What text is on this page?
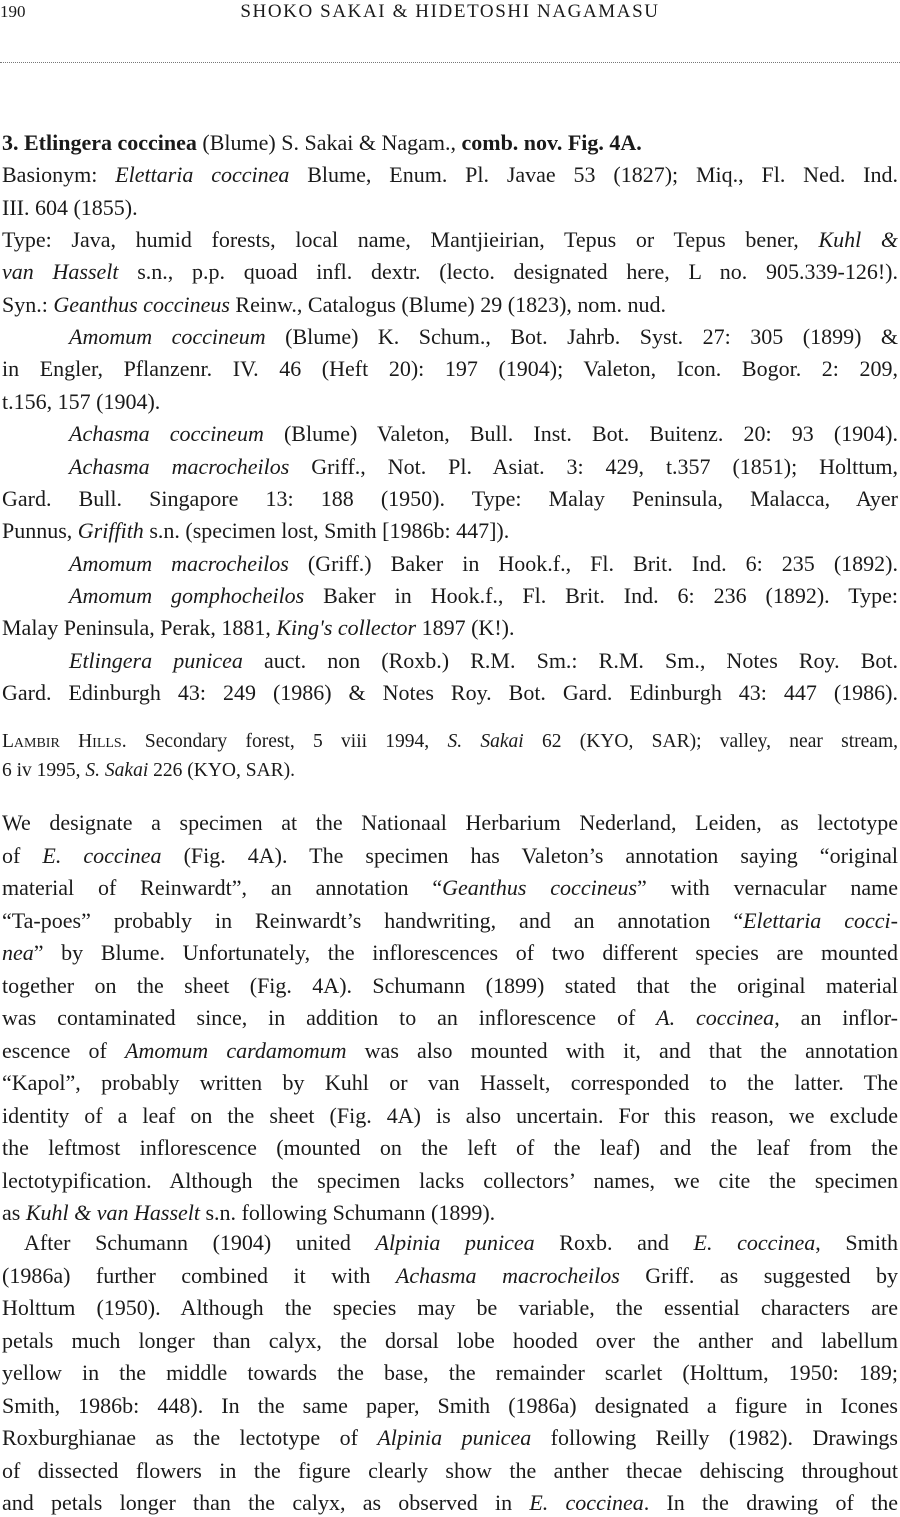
190	SHOKO SAKAI & HIDETOSHI NAGAMASU
3. Etlingera coccinea (Blume) S. Sakai & Nagam., comb. nov. Fig. 4A.
Basionym: Elettaria coccinea Blume, Enum. Pl. Javae 53 (1827); Miq., Fl. Ned. Ind.
III. 604 (1855).
Type: Java, humid forests, local name, Mantjieirian, Tepus or Tepus bener, Kuhl &
van Hasselt s.n., p.p. quoad infl. dextr. (lecto. designated here, L no. 905.339-126!).
Syn.: Geanthus coccineus Reinw., Catalogus (Blume) 29 (1823), nom. nud.
Amomum coccineum (Blume) K. Schum., Bot. Jahrb. Syst. 27: 305 (1899) &
in Engler, Pflanzenr. IV. 46 (Heft 20): 197 (1904); Valeton, Icon. Bogor. 2: 209,
t.156, 157 (1904).
Achasma coccineum (Blume) Valeton, Bull. Inst. Bot. Buitenz. 20: 93 (1904).
Achasma macrocheilos Griff., Not. Pl. Asiat. 3: 429, t.357 (1851); Holttum,
Gard. Bull. Singapore 13: 188 (1950). Type: Malay Peninsula, Malacca, Ayer
Punnus, Griffith s.n. (specimen lost, Smith [1986b: 447]).
Amomum macrocheilos (Griff.) Baker in Hook.f., Fl. Brit. Ind. 6: 235 (1892).
Amomum gomphocheilos Baker in Hook.f., Fl. Brit. Ind. 6: 236 (1892). Type:
Malay Peninsula, Perak, 1881, King's collector 1897 (K!).
Etlingera punicea auct. non (Roxb.) R.M. Sm.: R.M. Sm., Notes Roy. Bot.
Gard. Edinburgh 43: 249 (1986) & Notes Roy. Bot. Gard. Edinburgh 43: 447 (1986).
Lambir Hills. Secondary forest, 5 viii 1994, S. Sakai 62 (KYO, SAR); valley, near stream,
6 iv 1995, S. Sakai 226 (KYO, SAR).
We designate a specimen at the Nationaal Herbarium Nederland, Leiden, as lectotype
of E. coccinea (Fig. 4A). The specimen has Valeton’s annotation saying “original
material of Reinwardt”, an annotation “Geanthus coccineus” with vernacular name
“Ta-poes” probably in Reinwardt’s handwriting, and an annotation “Elettaria cocci-
nea” by Blume. Unfortunately, the inflorescences of two different species are mounted
together on the sheet (Fig. 4A). Schumann (1899) stated that the original material
was contaminated since, in addition to an inflorescence of A. coccinea, an inflor-
escence of Amomum cardamomum was also mounted with it, and that the annotation
“Kapol”, probably written by Kuhl or van Hasselt, corresponded to the latter. The
identity of a leaf on the sheet (Fig. 4A) is also uncertain. For this reason, we exclude
the leftmost inflorescence (mounted on the left of the leaf) and the leaf from the
lectotypification. Although the specimen lacks collectors’ names, we cite the specimen
as Kuhl & van Hasselt s.n. following Schumann (1899).
After Schumann (1904) united Alpinia punicea Roxb. and E. coccinea, Smith
(1986a) further combined it with Achasma macrocheilos Griff. as suggested by
Holttum (1950). Although the species may be variable, the essential characters are
petals much longer than calyx, the dorsal lobe hooded over the anther and labellum
yellow in the middle towards the base, the remainder scarlet (Holttum, 1950: 189;
Smith, 1986b: 448). In the same paper, Smith (1986a) designated a figure in Icones
Roxburghianae as the lectotype of Alpinia punicea following Reilly (1982). Drawings
of dissected flowers in the figure clearly show the anther thecae dehiscing throughout
and petals longer than the calyx, as observed in E. coccinea. In the drawing of the
